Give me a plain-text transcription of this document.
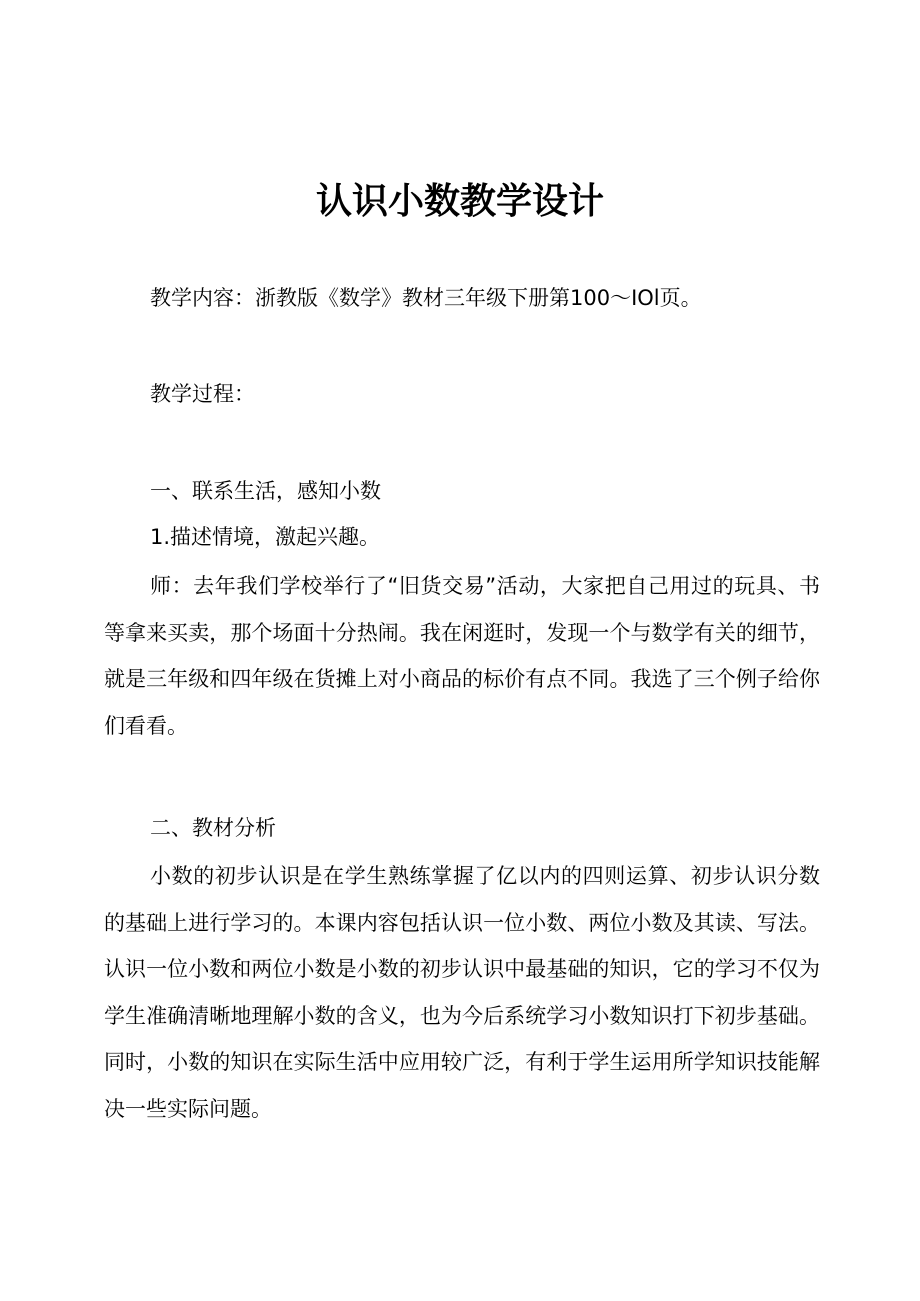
认识小数教学设计

教学内容：浙教版《数学》教材三年级下册第100〜IOl页。

教学过程：

一、联系生活，感知小数

1.描述情境，激起兴趣。

师：去年我们学校举行了“旧货交易”活动，大家把自己用过的玩具、书等拿来买卖，那个场面十分热闹。我在闲逛时，发现一个与数学有关的细节，就是三年级和四年级在货摊上对小商品的标价有点不同。我选了三个例子给你们看看。

二、教材分析

小数的初步认识是在学生熟练掌握了亿以内的四则运算、初步认识分数的基础上进行学习的。本课内容包括认识一位小数、两位小数及其读、写法。认识一位小数和两位小数是小数的初步认识中最基础的知识，它的学习不仅为学生准确清晰地理解小数的含义，也为今后系统学习小数知识打下初步基础。同时，小数的知识在实际生活中应用较广泛，有利于学生运用所学知识技能解决一些实际问题。
